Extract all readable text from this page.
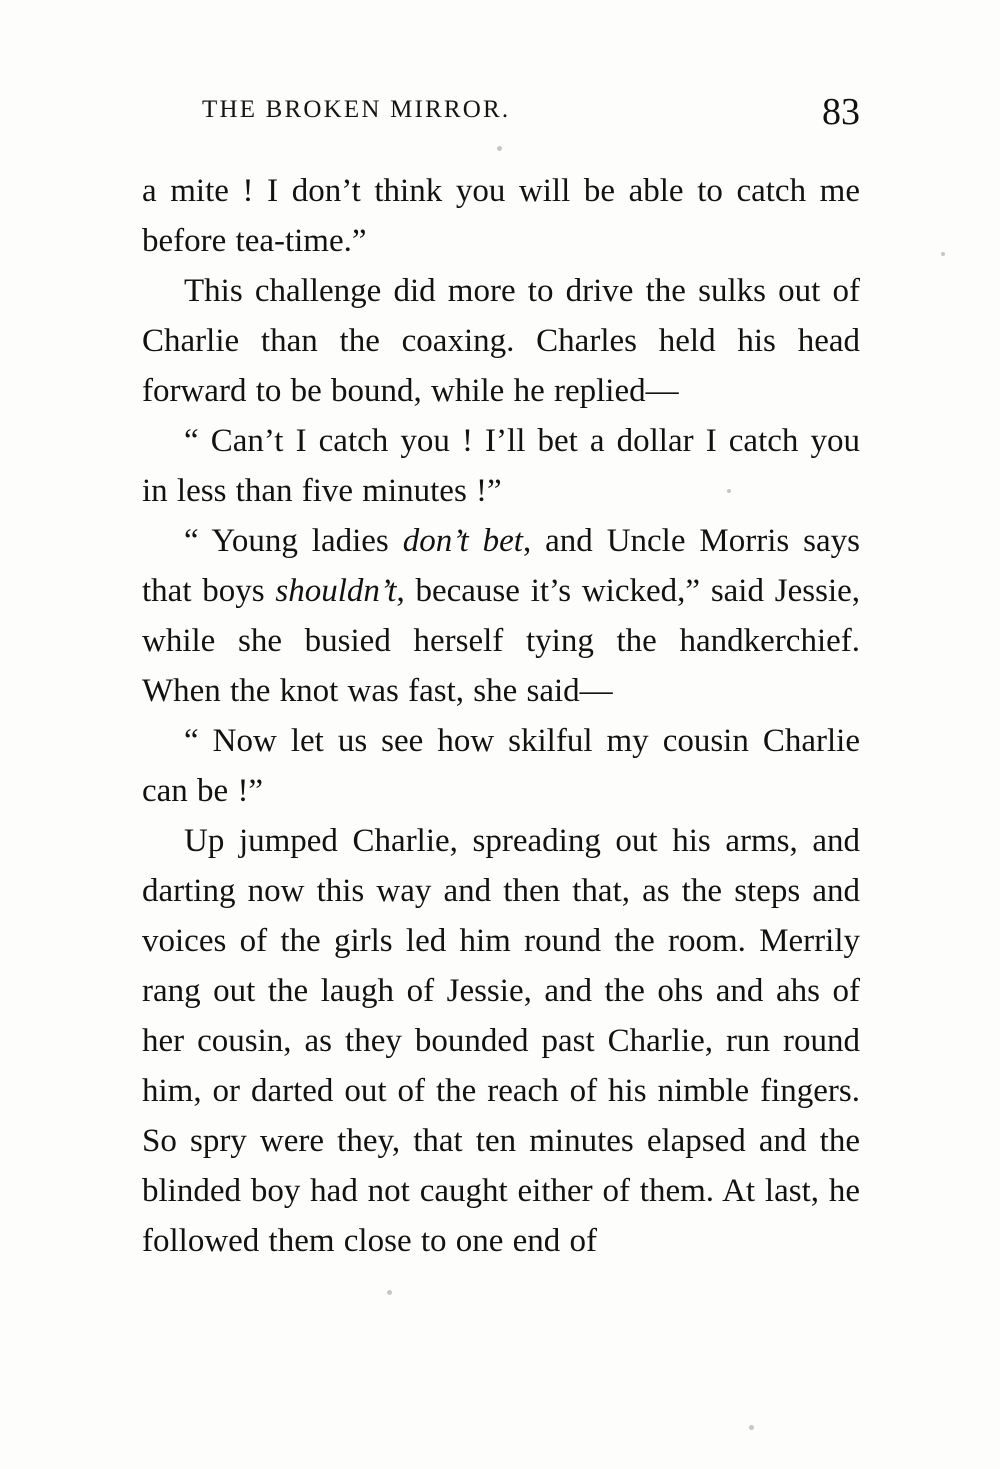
THE BROKEN MIRROR.	83

a mite ! I don’t think you will be able to catch me before tea-time.”

This challenge did more to drive the sulks out of Charlie than the coaxing. Charles held his head forward to be bound, while he replied—

“ Can’t I catch you ! I’ll bet a dollar I catch you in less than five minutes !”

“ Young ladies don’t bet, and Uncle Morris says that boys shouldn’t, because it’s wicked,” said Jessie, while she busied herself tying the handkerchief. When the knot was fast, she said—

“ Now let us see how skilful my cousin Charlie can be !”

Up jumped Charlie, spreading out his arms, and darting now this way and then that, as the steps and voices of the girls led him round the room. Merrily rang out the laugh of Jessie, and the ohs and ahs of her cousin, as they bounded past Charlie, run round him, or darted out of the reach of his nimble fingers. So spry were they, that ten minutes elapsed and the blinded boy had not caught either of them. At last, he followed them close to one end of
